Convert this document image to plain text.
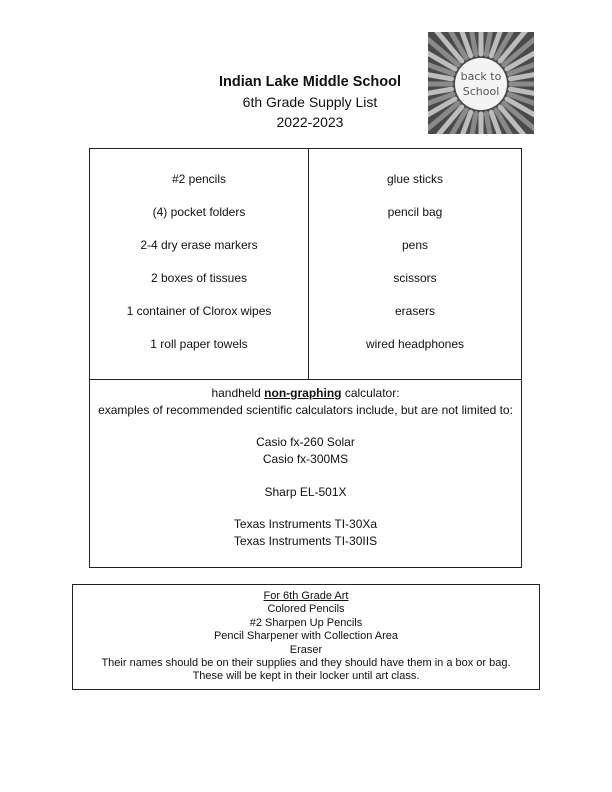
Indian Lake Middle School
6th Grade Supply List
2022-2023
back to
School
#2 pencils
(4) pocket folders
2-4 dry erase markers
2 boxes of tissues
1 container of Clorox wipes
1 roll paper towels
glue sticks
pencil bag
pens
scissors
erasers
wired headphones
handheld non-graphing calculator:
examples of recommended scientific calculators include, but are not limited to:
Casio fx-260 Solar
Casio fx-300MS
Sharp EL-501X
Texas Instruments TI-30Xa
Texas Instruments TI-30IIS
For 6th Grade Art
Colored Pencils
#2 Sharpen Up Pencils
Pencil Sharpener with Collection Area
Eraser
Their names should be on their supplies and they should have them in a box or bag.
These will be kept in their locker until art class.
